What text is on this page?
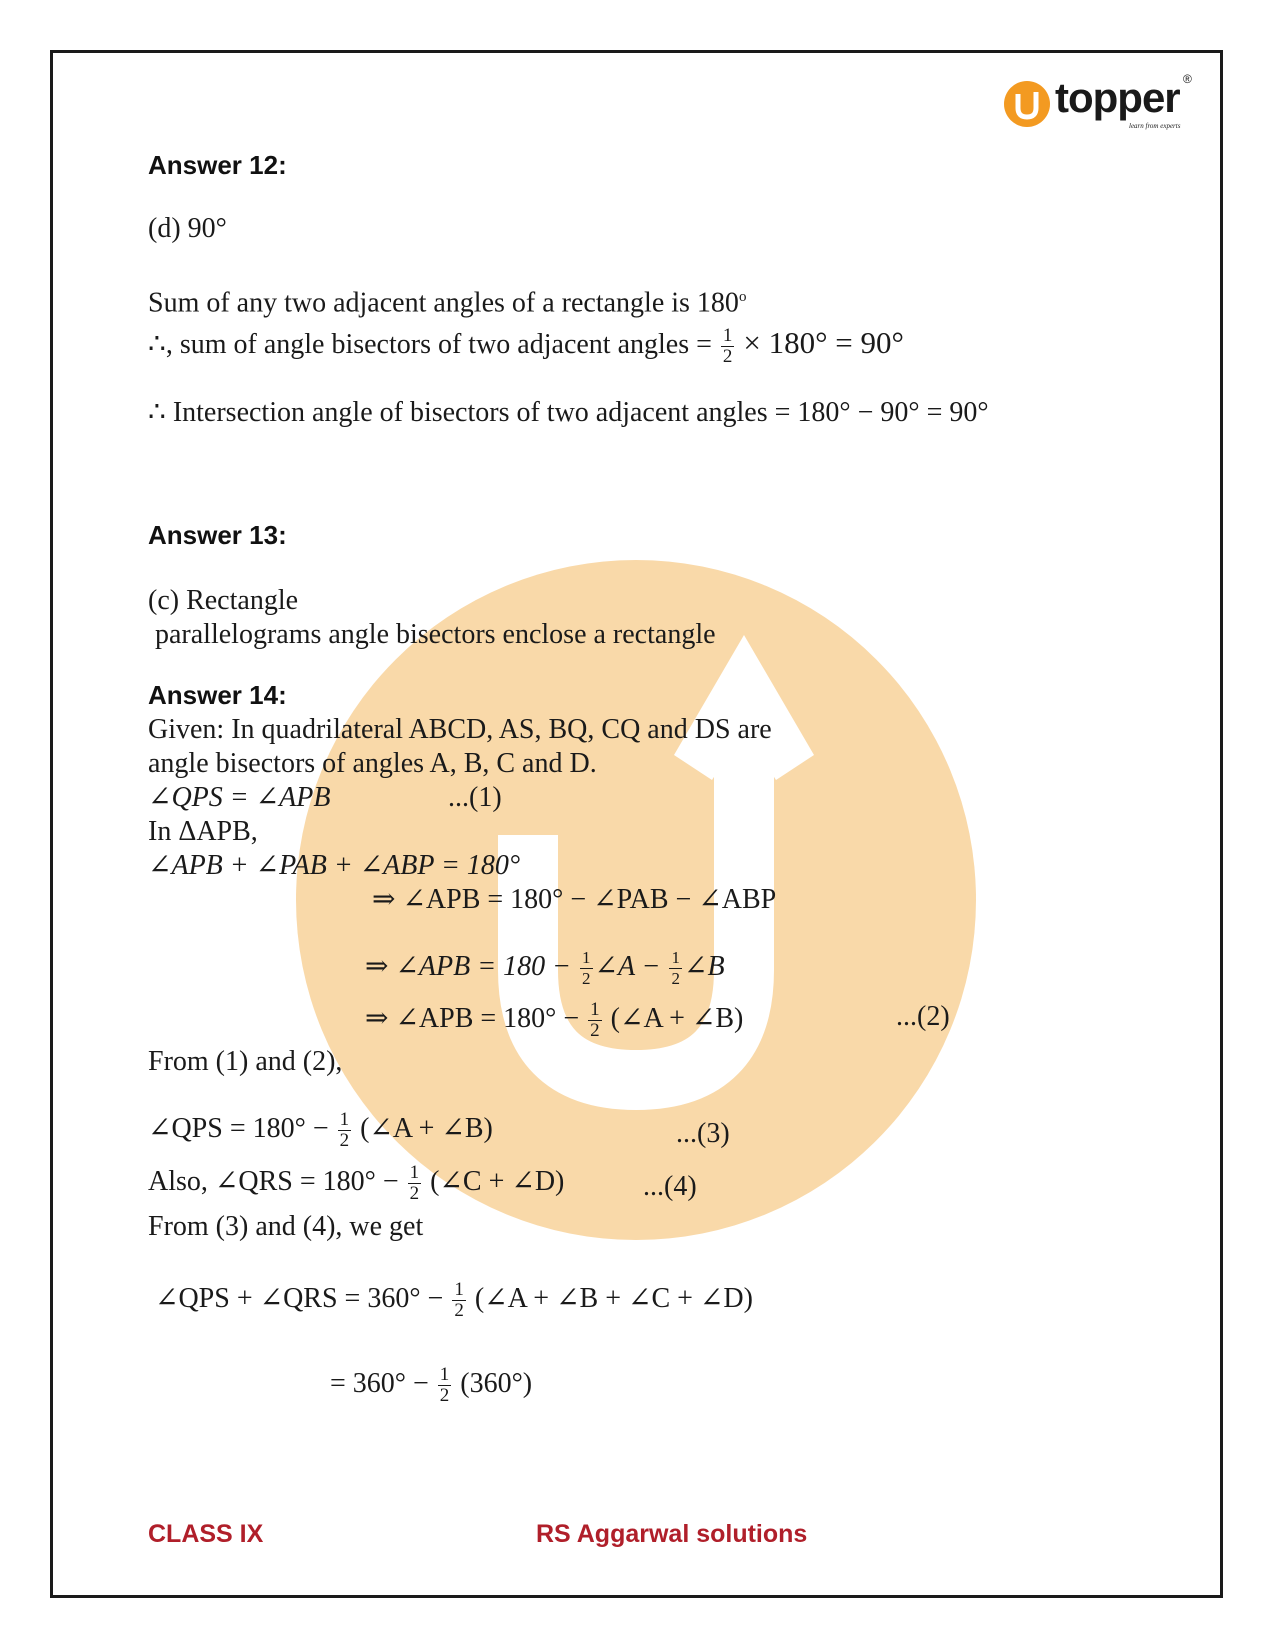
topper ®
learn from experts
Answer 12:
(d) 90°
Sum of any two adjacent angles of a rectangle is 180$^o$
∴, sum of angle bisectors of two adjacent angles = $\frac{1}{2} \times 180^\circ = 90^\circ$
∴ Intersection angle of bisectors of two adjacent angles = 180° − 90° = 90°
Answer 13:
(c) Rectangle
parallelograms angle bisectors enclose a rectangle
Answer 14:
Given: In quadrilateral ABCD, AS, BQ, CQ and DS are
angle bisectors of angles A, B, C and D.
∠QPS = ∠APB	...(1)
In ΔAPB,
∠APB + ∠PAB + ∠ABP = 180°
⇒ ∠APB = 180° − ∠PAB − ∠ABP
⇒ ∠APB = $180 - \frac{1}{2}$ ∠A − $\frac{1}{2}$ ∠B
⇒ ∠APB = $180^\circ - \frac{1}{2}$ (∠A + ∠B)	...(2)
From (1) and (2),
∠QPS = $180^\circ - \frac{1}{2}$ (∠A + ∠B)	...(3)
Also, ∠QRS = $180^\circ - \frac{1}{2}$ (∠C + ∠D)	...(4)
From (3) and (4), we get
∠QPS + ∠QRS = $360^\circ - \frac{1}{2}$ (∠A + ∠B + ∠C + ∠D)
= $360^\circ - \frac{1}{2} (360^\circ)$
CLASS IX	RS Aggarwal solutions
